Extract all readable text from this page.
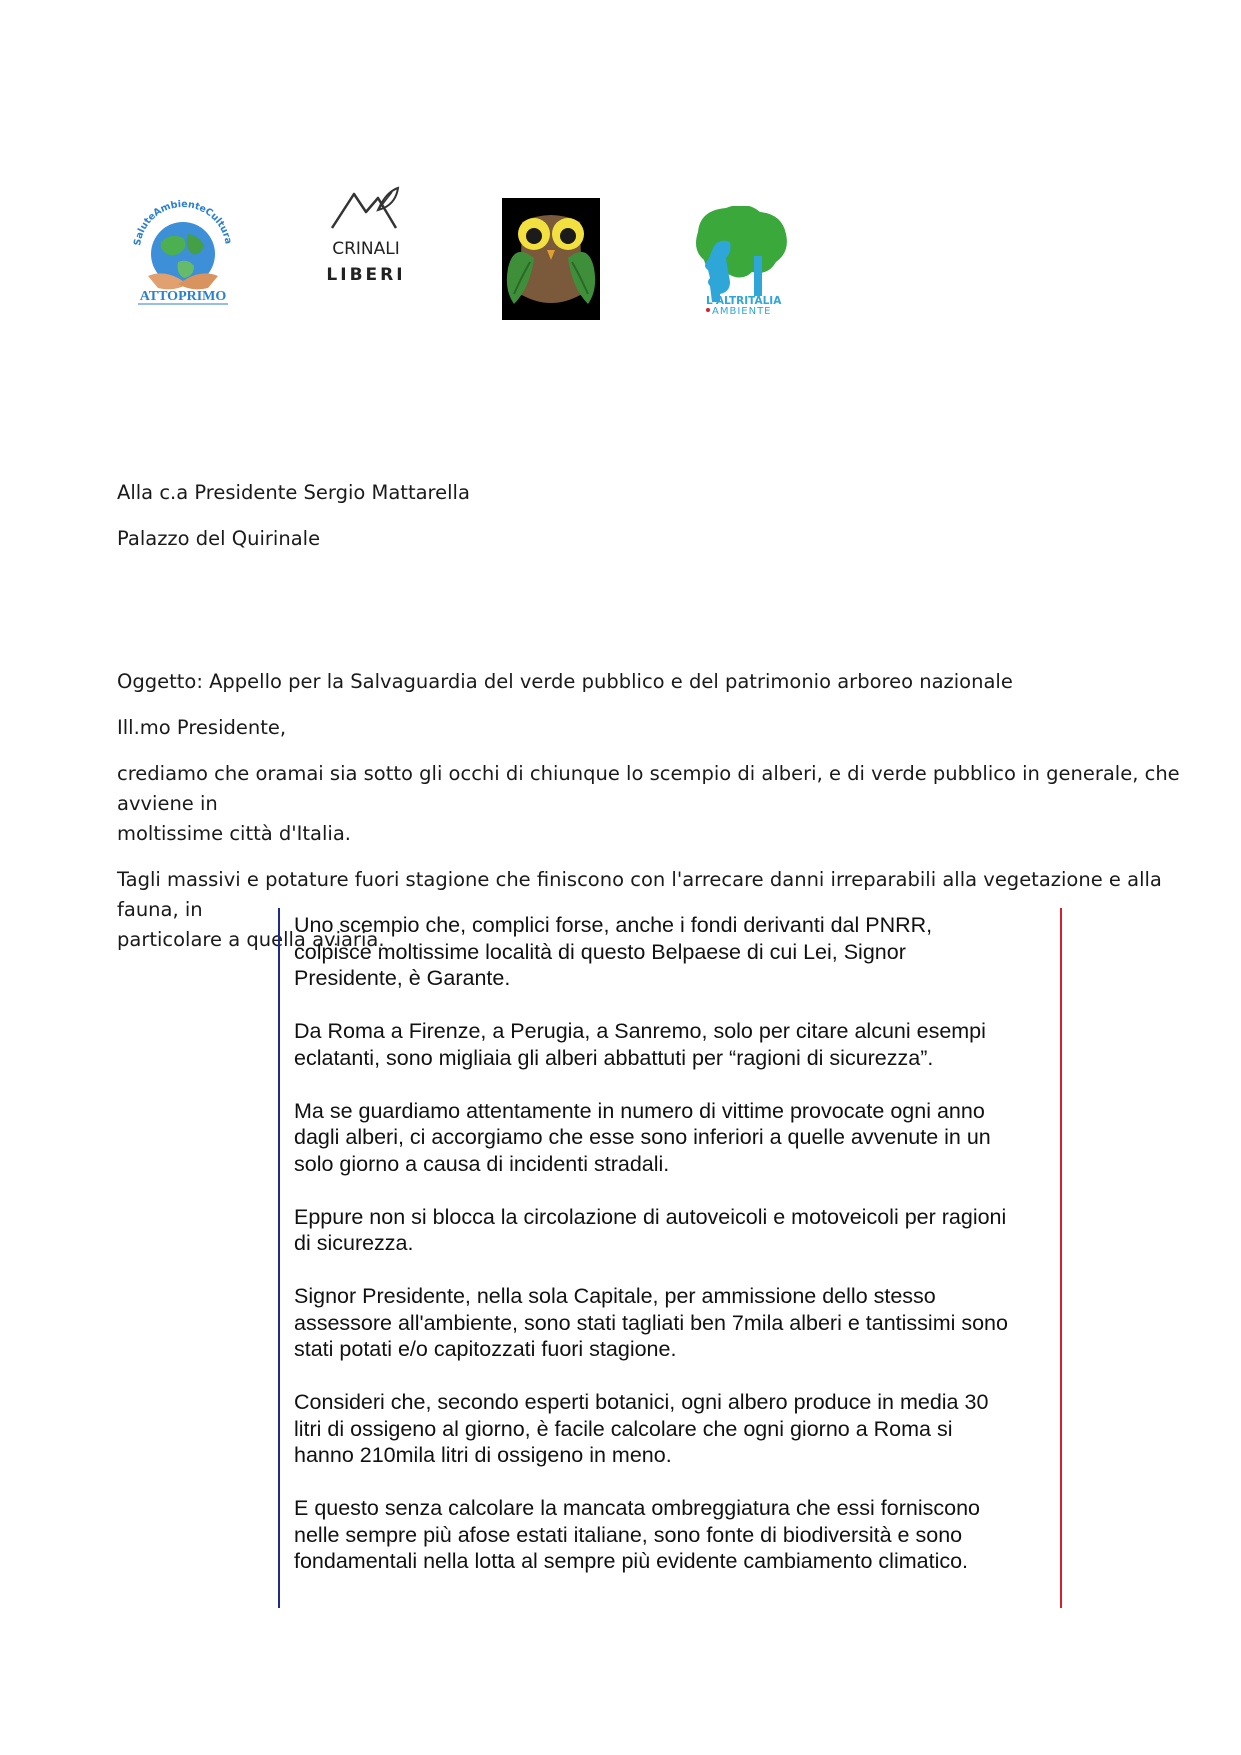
SaluteAmbienteCultura
ATTOPRIMO
CRINALI
LIBERI
L'ALTRITALIA
AMBIENTE

Alla c.a Presidente Sergio Mattarella

Palazzo del Quirinale

Oggetto: Appello per la Salvaguardia del verde pubblico e del patrimonio arboreo nazionale

Ill.mo Presidente,

crediamo che oramai sia sotto gli occhi di chiunque lo scempio di alberi, e di verde pubblico in generale, che avviene in
moltissime città d'Italia.

Tagli massivi e potature fuori stagione che finiscono con l'arrecare danni irreparabili alla vegetazione e alla fauna, in
particolare a quella aviaria.

Uno scempio che, complici forse, anche i fondi derivanti dal PNRR,
colpisce moltissime località di questo Belpaese di cui Lei, Signor
Presidente, è Garante.

Da Roma a Firenze, a Perugia, a Sanremo, solo per citare alcuni esempi
eclatanti, sono migliaia gli alberi abbattuti per “ragioni di sicurezza”.

Ma se guardiamo attentamente in numero di vittime provocate ogni anno
dagli alberi, ci accorgiamo che esse sono inferiori a quelle avvenute in un
solo giorno a causa di incidenti stradali.

Eppure non si blocca la circolazione di autoveicoli e motoveicoli per ragioni
di sicurezza.

Signor Presidente, nella sola Capitale, per ammissione dello stesso
assessore all'ambiente, sono stati tagliati ben 7mila alberi e tantissimi sono
stati potati e/o capitozzati fuori stagione.

Consideri che, secondo esperti botanici, ogni albero produce in media 30
litri di ossigeno al giorno, è facile calcolare che ogni giorno a Roma si
hanno 210mila litri di ossigeno in meno.

E questo senza calcolare la mancata ombreggiatura che essi forniscono
nelle sempre più afose estati italiane, sono fonte di biodiversità e sono
fondamentali nella lotta al sempre più evidente cambiamento climatico.
